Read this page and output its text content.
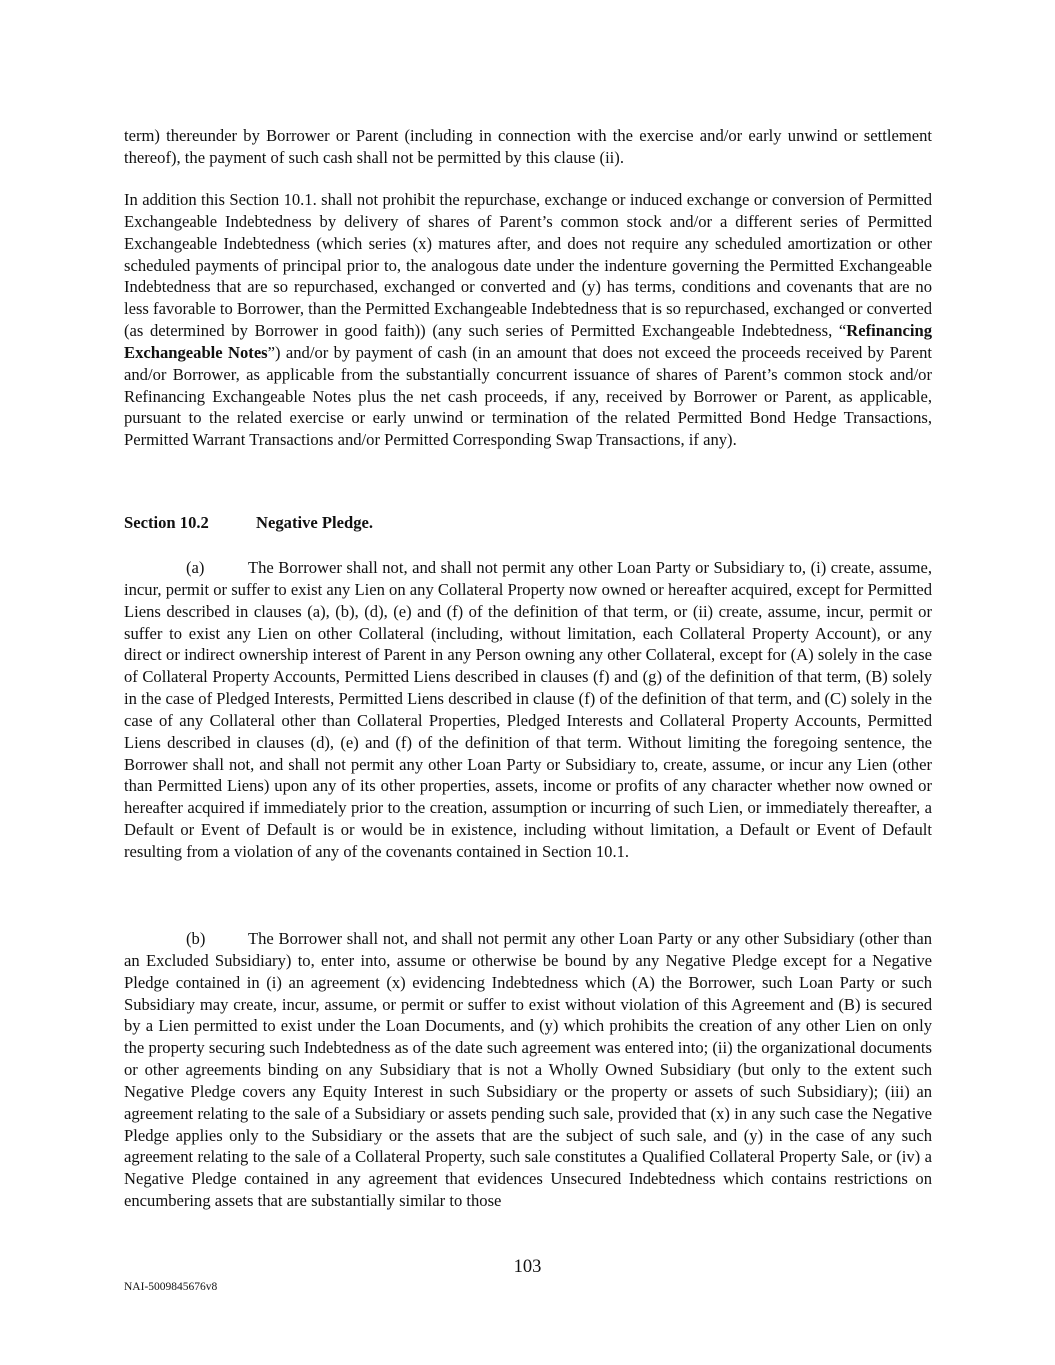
term) thereunder by Borrower or Parent (including in connection with the exercise and/or early unwind or settlement thereof), the payment of such cash shall not be permitted by this clause (ii).

In addition this Section 10.1. shall not prohibit the repurchase, exchange or induced exchange or conversion of Permitted Exchangeable Indebtedness by delivery of shares of Parent’s common stock and/or a different series of Permitted Exchangeable Indebtedness (which series (x) matures after, and does not require any scheduled amortization or other scheduled payments of principal prior to, the analogous date under the indenture governing the Permitted Exchangeable Indebtedness that are so repurchased, exchanged or converted and (y) has terms, conditions and covenants that are no less favorable to Borrower, than the Permitted Exchangeable Indebtedness that is so repurchased, exchanged or converted (as determined by Borrower in good faith)) (any such series of Permitted Exchangeable Indebtedness, “Refinancing Exchangeable Notes”) and/or by payment of cash (in an amount that does not exceed the proceeds received by Parent and/or Borrower, as applicable from the substantially concurrent issuance of shares of Parent’s common stock and/or Refinancing Exchangeable Notes plus the net cash proceeds, if any, received by Borrower or Parent, as applicable, pursuant to the related exercise or early unwind or termination of the related Permitted Bond Hedge Transactions, Permitted Warrant Transactions and/or Permitted Corresponding Swap Transactions, if any).

Section 10.2	Negative Pledge.

(a)	The Borrower shall not, and shall not permit any other Loan Party or Subsidiary to, (i) create, assume, incur, permit or suffer to exist any Lien on any Collateral Property now owned or hereafter acquired, except for Permitted Liens described in clauses (a), (b), (d), (e) and (f) of the definition of that term, or (ii) create, assume, incur, permit or suffer to exist any Lien on other Collateral (including, without limitation, each Collateral Property Account), or any direct or indirect ownership interest of Parent in any Person owning any other Collateral, except for (A) solely in the case of Collateral Property Accounts, Permitted Liens described in clauses (f) and (g) of the definition of that term, (B) solely in the case of Pledged Interests, Permitted Liens described in clause (f) of the definition of that term, and (C) solely in the case of any Collateral other than Collateral Properties, Pledged Interests and Collateral Property Accounts, Permitted Liens described in clauses (d), (e) and (f) of the definition of that term. Without limiting the foregoing sentence, the Borrower shall not, and shall not permit any other Loan Party or Subsidiary to, create, assume, or incur any Lien (other than Permitted Liens) upon any of its other properties, assets, income or profits of any character whether now owned or hereafter acquired if immediately prior to the creation, assumption or incurring of such Lien, or immediately thereafter, a Default or Event of Default is or would be in existence, including without limitation, a Default or Event of Default resulting from a violation of any of the covenants contained in Section 10.1.

(b)	The Borrower shall not, and shall not permit any other Loan Party or any other Subsidiary (other than an Excluded Subsidiary) to, enter into, assume or otherwise be bound by any Negative Pledge except for a Negative Pledge contained in (i) an agreement (x) evidencing Indebtedness which (A) the Borrower, such Loan Party or such Subsidiary may create, incur, assume, or permit or suffer to exist without violation of this Agreement and (B) is secured by a Lien permitted to exist under the Loan Documents, and (y) which prohibits the creation of any other Lien on only the property securing such Indebtedness as of the date such agreement was entered into; (ii) the organizational documents or other agreements binding on any Subsidiary that is not a Wholly Owned Subsidiary (but only to the extent such Negative Pledge covers any Equity Interest in such Subsidiary or the property or assets of such Subsidiary); (iii) an agreement relating to the sale of a Subsidiary or assets pending such sale, provided that (x) in any such case the Negative Pledge applies only to the Subsidiary or the assets that are the subject of such sale, and (y) in the case of any such agreement relating to the sale of a Collateral Property, such sale constitutes a Qualified Collateral Property Sale, or (iv) a Negative Pledge contained in any agreement that evidences Unsecured Indebtedness which contains restrictions on encumbering assets that are substantially similar to those

103
NAI-5009845676v8
